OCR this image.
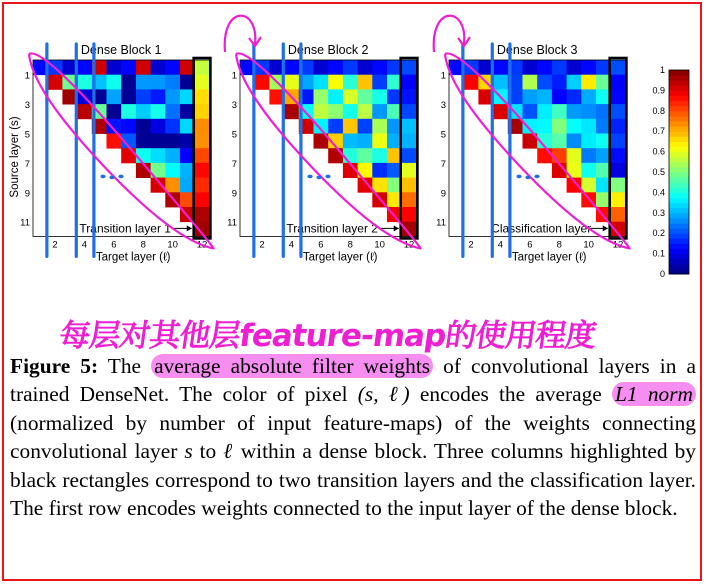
Dense Block 1
1
3
5
7
9
11
2	4	6	8 10 12
Target layer (ℓ)
Transition layer 1
Dense Block 2
1
3
5
7
9
11
2	4	6	8 10 12
Target layer (ℓ)
Transition layer 2
Dense Block 3
1
3
5
7
9
11
2	4	6	8 10 12
Target layer (ℓ)
Classification layer
Source layer (s)
0
0.1
0.2
0.3
0.4
0.5
0.6
0.7
0.8
0.9
1
每层对其他层feature-map的使用程度
Figure 5: The average absolute filter weights of convolutional layers in a trained DenseNet. The color of pixel (s, ℓ) encodes the average L1 norm (normalized by number of input feature-maps) of the weights connecting convolutional layer s to ℓ within a dense block. Three columns highlighted by black rectangles correspond to two transition layers and the classification layer. The first row encodes weights connected to the input layer of the dense block.
